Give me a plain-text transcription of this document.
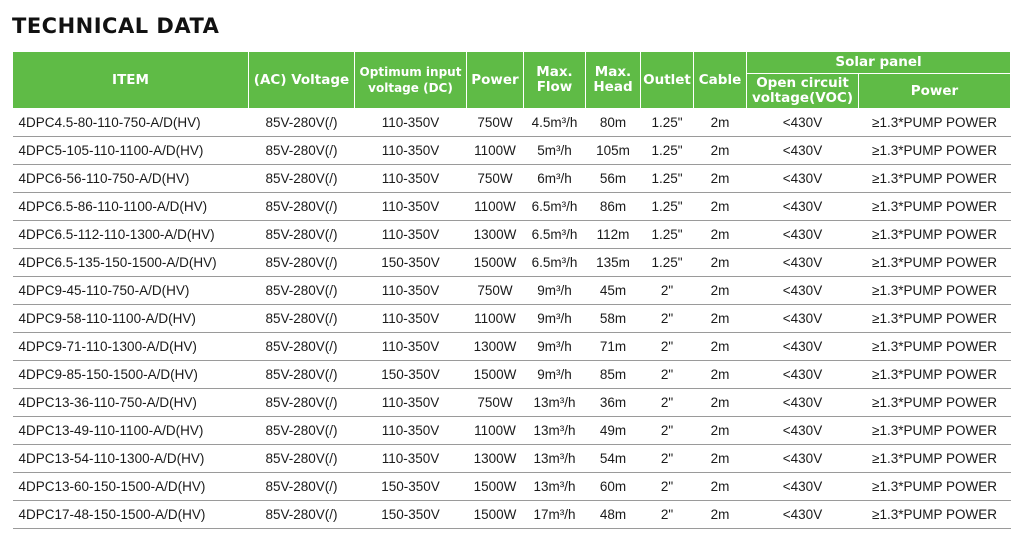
TECHNICAL DATA
ITEM	(AC) Voltage	Optimum input voltage (DC)	Power	Max. Flow	Max. Head	Outlet	Cable	Solar panel	
								Open circuit voltage(VOC)	Power
4DPC4.5-80-110-750-A/D(HV)	85V-280V(/)	110-350V	750W	4.5m³/h	80m	1.25"	2m	<430V	≥1.3*PUMP POWER
4DPC5-105-110-1100-A/D(HV)	85V-280V(/)	110-350V	1100W	5m³/h	105m	1.25"	2m	<430V	≥1.3*PUMP POWER
4DPC6-56-110-750-A/D(HV)	85V-280V(/)	110-350V	750W	6m³/h	56m	1.25"	2m	<430V	≥1.3*PUMP POWER
4DPC6.5-86-110-1100-A/D(HV)	85V-280V(/)	110-350V	1100W	6.5m³/h	86m	1.25"	2m	<430V	≥1.3*PUMP POWER
4DPC6.5-112-110-1300-A/D(HV)	85V-280V(/)	110-350V	1300W	6.5m³/h	112m	1.25"	2m	<430V	≥1.3*PUMP POWER
4DPC6.5-135-150-1500-A/D(HV)	85V-280V(/)	150-350V	1500W	6.5m³/h	135m	1.25"	2m	<430V	≥1.3*PUMP POWER
4DPC9-45-110-750-A/D(HV)	85V-280V(/)	110-350V	750W	9m³/h	45m	2"	2m	<430V	≥1.3*PUMP POWER
4DPC9-58-110-1100-A/D(HV)	85V-280V(/)	110-350V	1100W	9m³/h	58m	2"	2m	<430V	≥1.3*PUMP POWER
4DPC9-71-110-1300-A/D(HV)	85V-280V(/)	110-350V	1300W	9m³/h	71m	2"	2m	<430V	≥1.3*PUMP POWER
4DPC9-85-150-1500-A/D(HV)	85V-280V(/)	150-350V	1500W	9m³/h	85m	2"	2m	<430V	≥1.3*PUMP POWER
4DPC13-36-110-750-A/D(HV)	85V-280V(/)	110-350V	750W	13m³/h	36m	2"	2m	<430V	≥1.3*PUMP POWER
4DPC13-49-110-1100-A/D(HV)	85V-280V(/)	110-350V	1100W	13m³/h	49m	2"	2m	<430V	≥1.3*PUMP POWER
4DPC13-54-110-1300-A/D(HV)	85V-280V(/)	110-350V	1300W	13m³/h	54m	2"	2m	<430V	≥1.3*PUMP POWER
4DPC13-60-150-1500-A/D(HV)	85V-280V(/)	150-350V	1500W	13m³/h	60m	2"	2m	<430V	≥1.3*PUMP POWER
4DPC17-48-150-1500-A/D(HV)	85V-280V(/)	150-350V	1500W	17m³/h	48m	2"	2m	<430V	≥1.3*PUMP POWER
